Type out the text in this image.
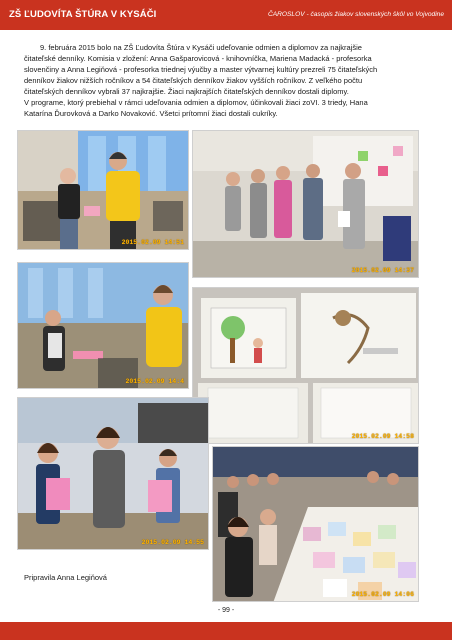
ZŠ ĽUDOVÍTA ŠTÚRA V KYSÁČI	ČAROSLOV - časopis žiakov slovenských škôl vo Vojvodine

9. februára 2015 bolo na ZŠ Ľudovíta Štúra v Kysáči udeľovanie odmien a diplomov za najkrajšie

čitateľské denníky. Komisia v zložení: Anna Gašparovicová - knihovníčka, Mariena Madacká - profesorka

slovenčiny a Anna Legiňová - profesorka triednej výučby a master výtvarnej kultúry prezreli 75 čitateľských

denníkov žiakov nižších ročníkov a 54 čitateľských denníkov žiakov vyšších ročníkov. Z veľkého počtu

čitateľských denníkov vybrali 37 najkrajšie. Žiaci najkrajších čitateľských denníkov dostali diplomy.

V programe, ktorý prebiehal v rámci udeľovania odmien a diplomov, účinkovali žiaci zoVI. 3 triedy, Hana

Katarína Ďurovková a Darko Novaković. Všetci prítomní žiaci dostali cukríky.

2015.02.09 14:51
2015.02.09 14:37
2015.02.09 14:4
2015.02.09 14:58
2015.02.09 14:55
2015.02.09 14:06
Pripravila Anna Legiňová
- 99 -
